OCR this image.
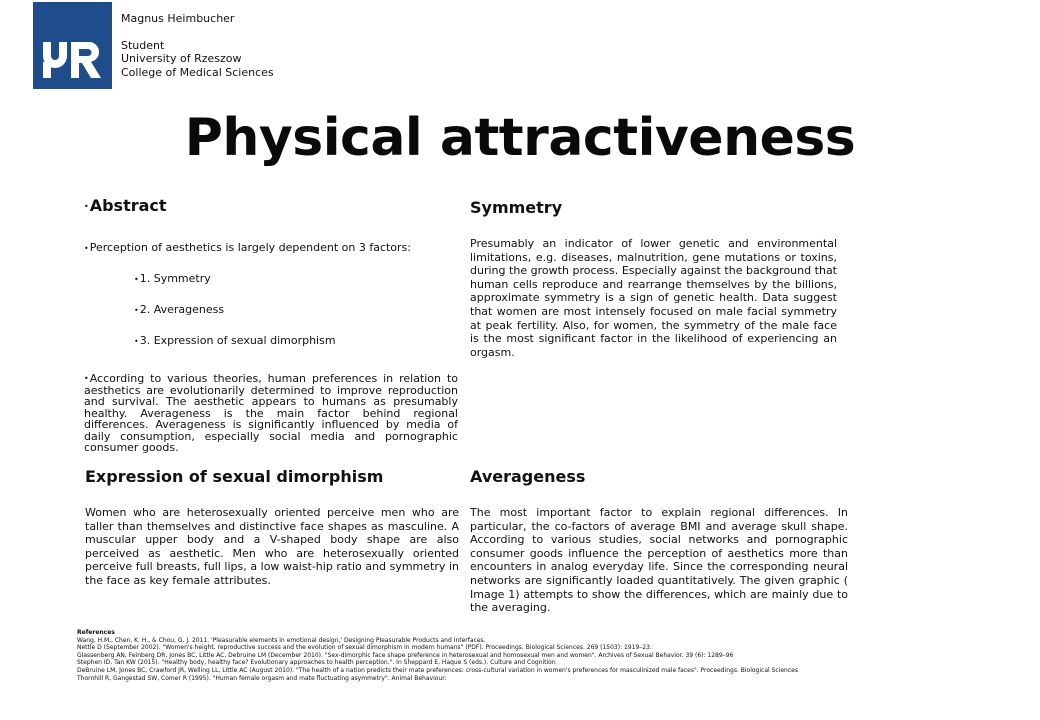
Magnus Heimbucher
Student
University of Rzeszow
College of Medical Sciences
Physical attractiveness
•Abstract
•Perception of aesthetics is largely dependent on 3 factors:
•1. Symmetry
•2. Averageness
•3. Expression of sexual dimorphism
•According to various theories, human preferences in relation to aesthetics are evolutionarily determined to improve reproduction and survival. The aesthetic appears to humans as presumably healthy. Averageness is the main factor behind regional differences. Averageness is significantly influenced by media of daily consumption, especially social media and pornographic consumer goods.
Symmetry
Presumably an indicator of lower genetic and environmental limitations, e.g. diseases, malnutrition, gene mutations or toxins, during the growth process. Especially against the background that human cells reproduce and rearrange themselves by the billions, approximate symmetry is a sign of genetic health. Data suggest that women are most intensely focused on male facial symmetry at peak fertility. Also, for women, the symmetry of the male face is the most significant factor in the likelihood of experiencing an orgasm.
Expression of sexual dimorphism
Women who are heterosexually oriented perceive men who are taller than themselves and distinctive face shapes as masculine. A muscular upper body and a V-shaped body shape are also perceived as aesthetic. Men who are heterosexually oriented perceive full breasts, full lips, a low waist-hip ratio and symmetry in the face as key female attributes.
Averageness
The most important factor to explain regional differences. In particular, the co-factors of average BMI and average skull shape. According to various studies, social networks and pornographic consumer goods influence the perception of aesthetics more than encounters in analog everyday life. Since the corresponding neural networks are significantly loaded quantitatively. The given graphic ( Image 1) attempts to show the differences, which are mainly due to the averaging.
References
Wang, H.M., Chen, K. H., & Chou, G. J. 2011. 'Pleasurable elements in emotional design,' Designing Pleasurable Products and Interfaces.
Nettle D (September 2002). "Women's height, reproductive success and the evolution of sexual dimorphism in modern humans" (PDF). Proceedings. Biological Sciences. 269 (1503): 1919–23.
Glassenberg AN, Feinberg DR, Jones BC, Little AC, Debruine LM (December 2010). "Sex-dimorphic face shape preference in heterosexual and homosexual men and women". Archives of Sexual Behavior. 39 (6): 1289–96
Stephen ID, Tan KW (2015). "Healthy body, healthy face? Evolutionary approaches to health perception.". In Sheppard E, Haque S (eds.). Culture and Cognition
DeBruine LM, Jones BC, Crawford JR, Welling LL, Little AC (August 2010). "The health of a nation predicts their mate preferences: cross-cultural variation in women's preferences for masculinized male faces". Proceedings. Biological Sciences
Thornhill R, Gangestad SW, Comer R (1995). "Human female orgasm and mate fluctuating asymmetry". Animal Behaviour:
